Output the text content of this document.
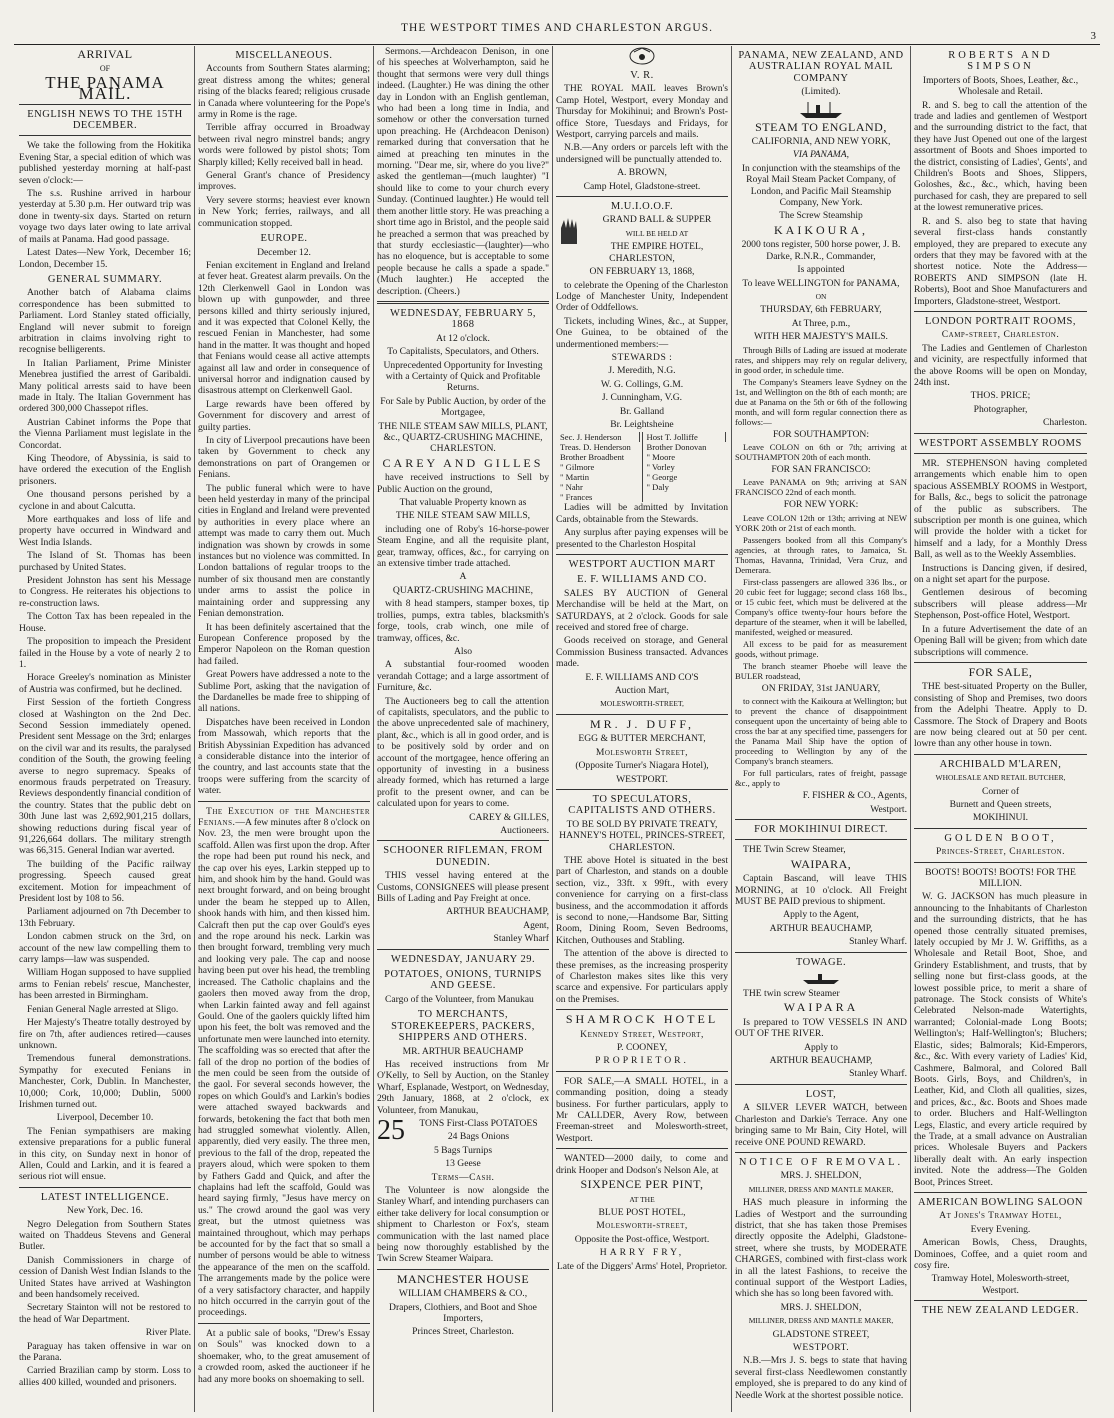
THE WESTPORT TIMES AND CHARLESTON ARGUS.
3
ARRIVAL
OF
THE PANAMA MAIL.
ENGLISH NEWS TO THE 15TH DECEMBER.

We take the following from the Hokitika Evening Star, a special edition of which was published yesterday morning at half-past seven o'clock:—

The s.s. Rushine arrived in harbour yesterday at 5.30 p.m. Her outward trip was done in twenty-six days. Started on return voyage two days later owing to late arrival of mails at Panama. Had good passage.

Latest Dates—New York, December 16; London, December 15.

GENERAL SUMMARY.

Another batch of Alabama claims correspondence has been submitted to Parliament. Lord Stanley stated officially, England will never submit to foreign arbitration in claims involving right to recognise belligerents.

In Italian Parliament, Prime Minister Menebrea justified the arrest of Garibaldi. Many political arrests said to have been made in Italy. The Italian Government has ordered 300,000 Chassepot rifles.

Austrian Cabinet informs the Pope that the Vienna Parliament must legislate in the Concordat.

King Theodore, of Abyssinia, is said to have ordered the execution of the English prisoners.

One thousand persons perished by a cyclone in and about Calcutta.

More earthquakes and loss of life and property have occurred in Windward and West India Islands.

The Island of St. Thomas has been purchased by United States.

President Johnston has sent his Message to Congress. He reiterates his objections to re-construction laws.

The Cotton Tax has been repealed in the House.

The proposition to impeach the President failed in the House by a vote of nearly 2 to 1.

Horace Greeley's nomination as Minister of Austria was confirmed, but he declined.

First Session of the fortieth Congress closed at Washington on the 2nd Dec. Second Session immediately opened. President sent Message on the 3rd; enlarges on the civil war and its results, the paralysed condition of the South, the growing feeling averse to negro supremacy. Speaks of enormous frauds perpetrated on Treasury. Reviews despondently financial condition of the country. States that the public debt on 30th June last was 2,692,901,215 dollars, showing reductions during fiscal year of 91,226,664 dollars. The military strength was 66,315. General Indian war averted.

The building of the Pacific railway progressing. Speech caused great excitement. Motion for impeachment of President lost by 108 to 56.

Parliament adjourned on 7th December to 13th February.

London cabmen struck on the 3rd, on account of the new law compelling them to carry lamps—law was suspended.

William Hogan supposed to have supplied arms to Fenian rebels' rescue, Manchester, has been arrested in Birmingham.

Fenian General Nagle arrested at Sligo.

Her Majesty's Theatre totally destroyed by fire on 7th, after audiences retired—causes unknown.

Tremendous funeral demonstrations. Sympathy for executed Fenians in Manchester, Cork, Dublin. In Manchester, 10,000; Cork, 10,000; Dublin, 5000 Irishmen turned out.

Liverpool, December 10.

The Fenian sympathisers are making extensive preparations for a public funeral in this city, on Sunday next in honor of Allen, Could and Larkin, and it is feared a serious riot will ensue.

LATEST INTELLIGENCE.

New York, Dec. 16.

Negro Delegation from Southern States waited on Thaddeus Stevens and General Butler.

Danish Commissioners in charge of cession of Danish West Indian Islands to the United States have arrived at Washington and been handsomely received.

Secretary Stainton will not be restored to the head of War Department.

River Plate.

Paraguay has taken offensive in war on the Parana.

Carried Brazilian camp by storm. Loss to allies 400 killed, wounded and prisoners.

MISCELLANEOUS.

Accounts from Southern States alarming; great distress among the whites; general rising of the blacks feared; religious crusade in Canada where volunteering for the Pope's army in Rome is the rage.

Terrible affray occurred in Broadway between rival negro minstrel bands; angry words were followed by pistol shots; Tom Sharply killed; Kelly received ball in head.

General Grant's chance of Presidency improves.

Very severe storms; heaviest ever known in New York; ferries, railways, and all communication stopped.

EUROPE.

December 12.

Fenian excitement in England and Ireland at fever heat. Greatest alarm prevails. On the 12th Clerkenwell Gaol in London was blown up with gunpowder, and three persons killed and thirty seriously injured, and it was expected that Colonel Kelly, the rescued Fenian in Manchester, had some hand in the matter. It was thought and hoped that Fenians would cease all active attempts against all law and order in consequence of universal horror and indignation caused by disastrous attempt on Clerkenwell Gaol.

Large rewards have been offered by Government for discovery and arrest of guilty parties.

In city of Liverpool precautions have been taken by Government to check any demonstrations on part of Orangemen or Fenians.

The public funeral which were to have been held yesterday in many of the principal cities in England and Ireland were prevented by authorities in every place where an attempt was made to carry them out. Much indignation was shown by crowds in some instances but no violence was committed. In London battalions of regular troops to the number of six thousand men are constantly under arms to assist the police in maintaining order and suppressing any Fenian demonstration.

It has been definitely ascertained that the European Conference proposed by the Emperor Napoleon on the Roman question had failed.

Great Powers have addressed a note to the Sublime Port, asking that the navigation of the Dardanelles be made free to shipping of all nations.

Dispatches have been received in London from Massowah, which reports that the British Abyssinian Expedition has advanced a considerable distance into the interior of the country, and last accounts state that the troops were suffering from the scarcity of water.

The Execution of the Manchester Fenians.—A few minutes after 8 o'clock on Nov. 23, the men were brought upon the scaffold. Allen was first upon the drop. After the rope had been put round his neck, and the cap over his eyes, Larkin stepped up to him, and shook him by the hand. Gould was next brought forward, and on being brought under the beam he stepped up to Allen, shook hands with him, and then kissed him. Calcraft then put the cap over Gould's eyes and the rope around his neck. Larkin was then brought forward, trembling very much and looking very pale. The cap and noose having been put over his head, the trembling increased. The Catholic chaplains and the gaolers then moved away from the drop, when Larkin fainted away and fell against Gould. One of the gaolers quickly lifted him upon his feet, the bolt was removed and the unfortunate men were launched into eternity. The scaffolding was so erected that after the fall of the drop no portion of the bodies of the men could be seen from the outside of the gaol. For several seconds however, the ropes on which Gould's and Larkin's bodies were attached swayed backwards and forwards, betokening the fact that both men had struggled somewhat violently. Allen, apparently, died very easily. The three men, previous to the fall of the drop, repeated the prayers aloud, which were spoken to them by Fathers Gadd and Quick, and after the chaplains had left the scaffold, Gould was heard saying firmly, "Jesus have mercy on us." The crowd around the gaol was very great, but the utmost quietness was maintained throughout, which may perhaps be accounted for by the fact that so small a number of persons would be able to witness the appearance of the men on the scaffold. The arrangements made by the police were of a very satisfactory character, and happily no hitch occurred in the carryin gout of the proceedings.

At a public sale of books, "Drew's Essay on Souls" was knocked down to a shoemaker, who, to the great amusement of a crowded room, asked the auctioneer if he had any more books on shoemaking to sell.

Sermons.—Archdeacon Denison, in one of his speeches at Wolverhampton, said he thought that sermons were very dull things indeed. (Laughter.) He was dining the other day in London with an English gentleman, who had been a long time in India, and somehow or other the conversation turned upon preaching. He (Archdeacon Denison) remarked during that conversation that he aimed at preaching ten minutes in the morning. "Dear me, sir, where do you live?" asked the gentleman—(much laughter) "I should like to come to your church every Sunday. (Continued laughter.) He would tell them another little story. He was preaching a short time ago in Bristol, and the people said he preached a sermon that was preached by that sturdy ecclesiastic—(laughter)—who has no eloquence, but is acceptable to some people because he calls a spade a spade." (Much laughter.) He accepted the description. (Cheers.)

WEDNESDAY, FEBRUARY 5, 1868

At 12 o'clock.

To Capitalists, Speculators, and Others.

Unprecedented Opportunity for Investing with a Certainty of Quick and Profitable Returns.

For Sale by Public Auction, by order of the Mortgagee,

THE NILE STEAM SAW MILLS, PLANT, &c., QUARTZ-CRUSHING MACHINE, CHARLESTON.

CAREY AND GILLES

have received instructions to Sell by Public Auction on the ground,

That valuable Property known as

THE NILE STEAM SAW MILLS,

including one of Roby's 16-horse-power Steam Engine, and all the requisite plant, gear, tramway, offices, &c., for carrying on an extensive timber trade attached.

A

QUARTZ-CRUSHING MACHINE,

with 8 head stampers, stamper boxes, tip trollies, pumps, extra tables, blacksmith's forge, tools, crab winch, one mile of tramway, offices, &c.

Also

A substantial four-roomed wooden verandah Cottage; and a large assortment of Furniture, &c.

The Auctioneers beg to call the attention of capitalists, speculators, and the public to the above unprecedented sale of machinery, plant, &c., which is all in good order, and is to be positively sold by order and on account of the mortgagee, hence offering an opportunity of investing in a business already formed, which has returned a large profit to the present owner, and can be calculated upon for years to come.

CAREY & GILLES,

Auctioneers.

SCHOONER RIFLEMAN, FROM DUNEDIN.

THIS vessel having entered at the Customs, CONSIGNEES will please present Bills of Lading and Pay Freight at once.

ARTHUR BEAUCHAMP,

Agent,

Stanley Wharf

WEDNESDAY, JANUARY 29.
POTATOES, ONIONS, TURNIPS AND GEESE.

Cargo of the Volunteer, from Manukau

TO MERCHANTS, STOREKEEPERS, PACKERS, SHIPPERS AND OTHERS.

MR. ARTHUR BEAUCHAMP

Has received instructions from Mr O'Kelly, to Sell by Auction, on the Stanley Wharf, Esplanade, Westport, on Wednesday, 29th January, 1868, at 2 o'clock, ex Volunteer, from Manukau,

25	TONS First-Class POTATOES

24 Bags Onions

5 Bags Turnips

13 Geese

Terms—Cash.

The Volunteer is now alongside the Stanley Wharf, and intending purchasers can either take delivery for local consumption or shipment to Charleston or Fox's, steam communication with the last named place being now thoroughly established by the Twin Screw Steamer Waipara.

MANCHESTER HOUSE

WILLIAM CHAMBERS & CO.,

Drapers, Clothiers, and Boot and Shoe Importers,

Princes Street, Charleston.

V. R.

THE ROYAL MAIL leaves Brown's Camp Hotel, Westport, every Monday and Thursday for Mokihinui; and Brown's Post-office Store, Tuesdays and Fridays, for Westport, carrying parcels and mails.

N.B.—Any orders or parcels left with the undersigned will be punctually attended to.

A. BROWN,

Camp Hotel, Gladstone-street.

M.U.I.O.O.F.

GRAND BALL & SUPPER

WILL BE HELD AT

THE EMPIRE HOTEL, CHARLESTON,

ON FEBRUARY 13, 1868,

to celebrate the Opening of the Charleston Lodge of Manchester Unity, Independent Order of Oddfellows.

Tickets, including Wines, &c., at Supper, One Guinea, to be obtained of the undermentioned members:—

STEWARDS :

J. Meredith, N.G.

W. G. Collings, G.M.

J. Cunningham, V.G.

Br. Galland

Br. Leightsheine

Sec. J. Henderson
Treas. D. Henderson
Brother Broadbent
" Gilmore
" Martin
" Nahr
" Frances
Host T. Jolliffe
Brother Donovan
" Moore
" Vorley
" George
" Daly

Ladies will be admitted by Invitation Cards, obtainable from the Stewards.

Any surplus after paying expenses will be presented to the Charleston Hospital

WESTPORT AUCTION MART
E. F. WILLIAMS AND CO.

SALES BY AUCTION of General Merchandise will be held at the Mart, on SATURDAYS, at 2 o'clock. Goods for sale received and stored free of charge.

Goods received on storage, and General Commission Business transacted. Advances made.

E. F. WILLIAMS AND CO'S

Auction Mart,

MOLESWORTH-STREET,

MR. J. DUFF,

EGG & BUTTER MERCHANT,

Molesworth Street,

(Opposite Turner's Niagara Hotel),

WESTPORT.

TO SPECULATORS, CAPITALISTS AND OTHERS.

TO BE SOLD BY PRIVATE TREATY, HANNEY'S HOTEL, PRINCES-STREET, CHARLESTON.

THE above Hotel is situated in the best part of Charleston, and stands on a double section, viz., 33ft. x 99ft., with every convenience for carrying on a first-class business, and the accommodation it affords is second to none,—Handsome Bar, Sitting Room, Dining Room, Seven Bedrooms, Kitchen, Outhouses and Stabling.

The attention of the above is directed to these premises, as the increasing prosperity of Charleston makes sites like this very scarce and expensive. For particulars apply on the Premises.

SHAMROCK HOTEL

Kennedy Street, Westport,

P. COONEY,

PROPRIETOR.

FOR SALE,—A SMALL HOTEL, in a commanding position, doing a steady business. For further particulars, apply to Mr CALLDER, Avery Row, between Freeman-street and Molesworth-street, Westport.

WANTED—2000 daily, to come and drink Hooper and Dodson's Nelson Ale, at

SIXPENCE PER PINT,

AT THE

BLUE POST HOTEL,

Molesworth-street,

Opposite the Post-office, Westport.

HARRY FRY,

Late of the Diggers' Arms' Hotel, Proprietor.

PANAMA, NEW ZEALAND, AND AUSTRALIAN ROYAL MAIL COMPANY

(Limited).

STEAM TO ENGLAND,

CALIFORNIA, AND NEW YORK,

VIA PANAMA,

In conjunction with the steamships of the Royal Mail Steam Packet Company, of London, and Pacific Mail Steamship Company, New York.

The Screw Steamship

KAIKOURA,

2000 tons register, 500 horse power, J. B. Darke, R.N.R., Commander,

Is appointed

To leave WELLINGTON for PANAMA,

ON

THURSDAY, 6th FEBRUARY,

At Three, p.m.,

WITH HER MAJESTY'S MAILS.

Through Bills of Lading are issued at moderate rates, and shippers may rely on regular delivery, in good order, in schedule time.

The Company's Steamers leave Sydney on the 1st, and Wellington on the 8th of each month; are due at Panama on the 5th or 6th of the following month, and will form regular connection there as follows:—

FOR SOUTHAMPTON:

Leave COLON on 6th or 7th; arriving at SOUTHAMPTON 20th of each month.

FOR SAN FRANCISCO:

Leave PANAMA on 9th; arriving at SAN FRANCISCO 22nd of each month.

FOR NEW YORK:

Leave COLON 12th or 13th; arriving at NEW YORK 20th or 21st of each month.

Passengers booked from all this Company's agencies, at through rates, to Jamaica, St. Thomas, Havanna, Trinidad, Vera Cruz, and Demerara.

First-class passengers are allowed 336 lbs., or 20 cubic feet for luggage; second class 168 lbs., or 15 cubic feet, which must be delivered at the Company's office twenty-four hours before the departure of the steamer, when it will be labelled, manifested, weighed or measured.

All excess to be paid for as measurement goods, without primage.

The branch steamer Phoebe will leave the BULER roadstead,

ON FRIDAY, 31st JANUARY,

to connect with the Kaikoura at Wellington; but to prevent the chance of disappointment consequent upon the uncertainty of being able to cross the bar at any specified time, passengers for the Panama Mail Ship have the option of proceeding to Wellington by any of the Company's branch steamers.

For full particulars, rates of freight, passage &c., apply to

F. FISHER & CO., Agents,

Westport.

FOR MOKIHINUI DIRECT.

THE Twin Screw Steamer,

WAIPARA,

Captain Bascand, will leave THIS MORNING, at 10 o'clock. All Freight MUST BE PAID previous to shipment.

Apply to the Agent,

ARTHUR BEAUCHAMP,

Stanley Wharf.

TOWAGE.

THE twin screw Steamer

WAIPARA

Is prepared to TOW VESSELS IN AND OUT OF THE RIVER.

Apply to

ARTHUR BEAUCHAMP,

Stanley Wharf.

LOST,

A SILVER LEVER WATCH, between Charleston and Darkie's Terrace. Any one bringing same to Mr Bain, City Hotel, will receive ONE POUND REWARD.

NOTICE OF REMOVAL.

MRS. J. SHELDON,

MILLINER, DRESS AND MANTLE MAKER,

HAS much pleasure in informing the Ladies of Westport and the surrounding district, that she has taken those Premises directly opposite the Adelphi, Gladstone-street, where she trusts, by MODERATE CHARGES, combined with first-class work in all the latest Fashions, to receive the continual support of the Westport Ladies, which she has so long been favored with.

MRS. J. SHELDON,

MILLINER, DRESS AND MANTLE MAKER,

GLADSTONE STREET,

WESTPORT.

N.B.—Mrs J. S. begs to state that having several first-class Needlewomen constantly employed, she is prepared to do any kind of Needle Work at the shortest possible notice.

ROBERTS AND SIMPSON

Importers of Boots, Shoes, Leather, &c., Wholesale and Retail.

R. and S. beg to call the attention of the trade and ladies and gentlemen of Westport and the surrounding district to the fact, that they have Just Opened out one of the largest assortment of Boots and Shoes imported to the district, consisting of Ladies', Gents', and Children's Boots and Shoes, Slippers, Goloshes, &c., &c., which, having been purchased for cash, they are prepared to sell at the lowest remunerative prices.

R. and S. also beg to state that having several first-class hands constantly employed, they are prepared to execute any orders that they may be favored with at the shortest notice. Note the Address—ROBERTS AND SIMPSON (late H. Roberts), Boot and Shoe Manufacturers and Importers, Gladstone-street, Westport.

LONDON PORTRAIT ROOMS,

Camp-street, Charleston.

The Ladies and Gentlemen of Charleston and vicinity, are respectfully informed that the above Rooms will be open on Monday, 24th inst.

THOS. PRICE;

Photographer,

Charleston.

WESTPORT ASSEMBLY ROOMS

MR. STEPHENSON having completed arrangements which enable him to open spacious ASSEMBLY ROOMS in Westport, for Balls, &c., begs to solicit the patronage of the public as subscribers. The subscription per month is one guinea, which will provide the holder with a ticket for himself and a lady, for a Monthly Dress Ball, as well as to the Weekly Assemblies.

Instructions is Dancing given, if desired, on a night set apart for the purpose.

Gentlemen desirous of becoming subscribers will please address—Mr Stephenson, Post-office Hotel, Westport.

In a future Advertisement the date of an Opening Ball will be given; from which date subscriptions will commence.

FOR SALE,

THE best-situated Property on the Buller, consisting of Shop and Premises, two doors from the Adelphi Theatre. Apply to D. Cassmore. The Stock of Drapery and Boots are now being cleared out at 50 per cent. lowre than any other house in town.

ARCHIBALD M'LAREN,

WHOLESALE AND RETAIL BUTCHER,

Corner of

Burnett and Queen streets,

MOKIHINUI.

GOLDEN BOOT,

Princes-Street, Charleston.

BOOTS! BOOTS! BOOTS! FOR THE MILLION.

W. G. JACKSON has much pleasure in announcing to the Inhabitants of Charleston and the surrounding districts, that he has opened those centrally situated premises, lately occupied by Mr J. W. Griffiths, as a Wholesale and Retail Boot, Shoe, and Grindery Establishment, and trusts, that by selling none but first-class goods, at the lowest possible price, to merit a share of patronage. The Stock consists of White's Celebrated Nelson-made Watertights, warranted; Colonial-made Long Boots; Wellington's; Half-Wellington's; Bluchers; Elastic, sides; Balmorals; Kid-Emperors, &c., &c. With every variety of Ladies' Kid, Cashmere, Balmoral, and Colored Ball Boots. Girls, Boys, and Children's, in Leather, Kid, and Cloth all qualities, sizes, and prices, &c., &c. Boots and Shoes made to order. Bluchers and Half-Wellington Legs, Elastic, and every article required by the Trade, at a small advance on Australian prices. Wholesale Buyers and Packers liberally dealt with. An early inspection invited. Note the address—The Golden Boot, Princes Street.

AMERICAN BOWLING SALOON

At Jones's Tramway Hotel,

Every Evening.

American Bowls, Chess, Draughts, Dominoes, Coffee, and a quiet room and cosy fire.

Tramway Hotel, Molesworth-street, Westport.

THE NEW ZEALAND LEDGER.
